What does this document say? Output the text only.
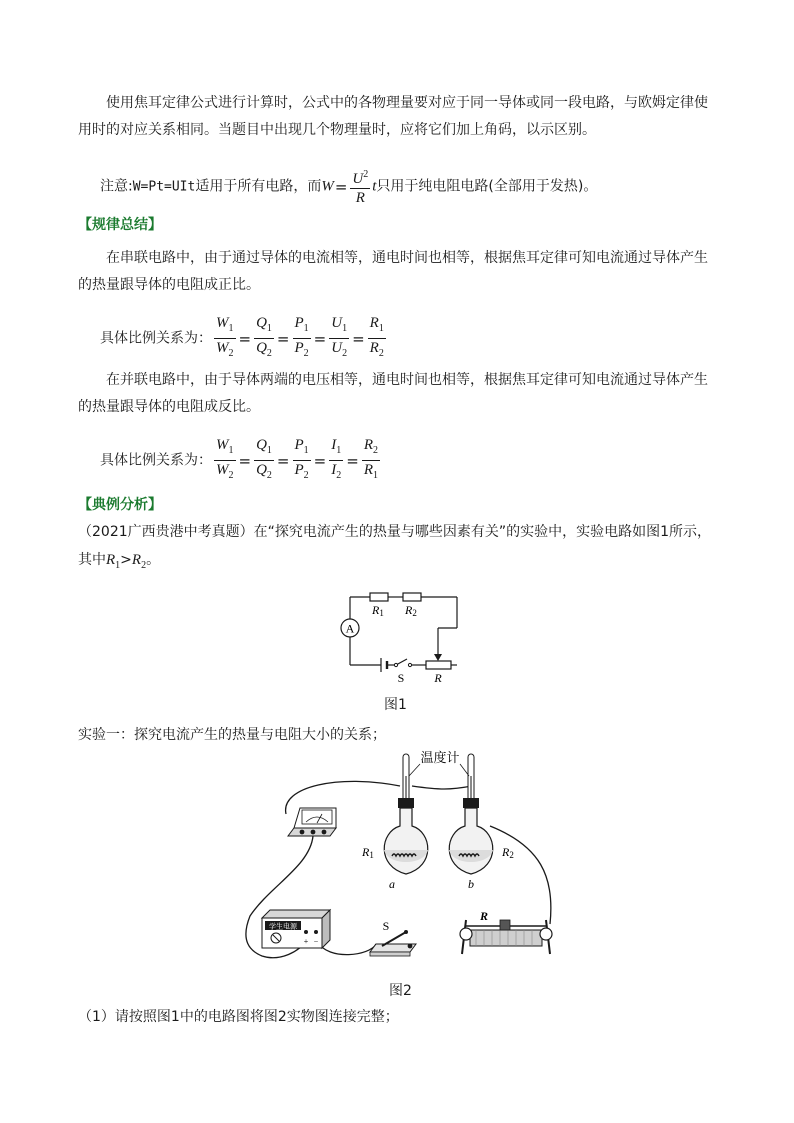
使用焦耳定律公式进行计算时，公式中的各物理量要对应于同一导体或同一段电路，与欧姆定律使用时的对应关系相同。当题目中出现几个物理量时，应将它们加上角码，以示区别。
注意:W=Pt=UIt适用于所有电路，而$W= \frac{U^2}{R}$ t只用于纯电阻电路(全部用于发热)。
【规律总结】
在串联电路中，由于通过导体的电流相等，通电时间也相等，根据焦耳定律可知电流通过导体产生的热量跟导体的电阻成正比。
具体比例关系为： $\frac{W_1}{W_2} = \frac{Q_1}{Q_2} = \frac{P_1}{P_2} = \frac{U_1}{U_2} = \frac{R_1}{R_2}$
在并联电路中，由于导体两端的电压相等，通电时间也相等，根据焦耳定律可知电流通过导体产生的热量跟导体的电阻成反比。
具体比例关系为： $\frac{W_1}{W_2} = \frac{Q_1}{Q_2} = \frac{P_1}{P_2} = \frac{I_1}{I_2} = \frac{R_2}{R_1}$
【典例分析】
（2021广西贵港中考真题）在“探究电流产生的热量与哪些因素有关”的实验中，实验电路如图1所示，其中$R_1>R_2$。
R1 R2
A
S R
图1
实验一：探究电流产生的热量与电阻大小的关系；
温度计
R1	R2
a	b
学生电源
+ −
S
R
图2
（1）请按照图1中的电路图将图2实物图连接完整；
